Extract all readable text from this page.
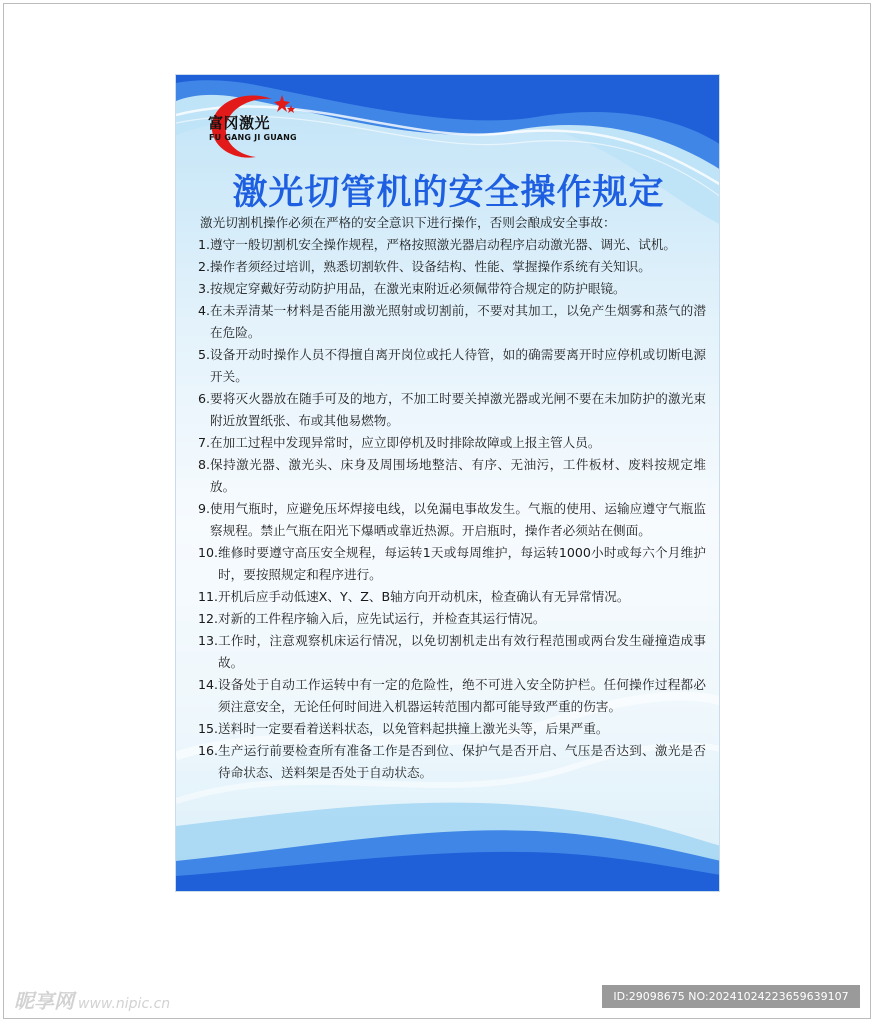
富冈激光
FU GANG JI GUANG
激光切管机的安全操作规定

激光切割机操作必须在严格的安全意识下进行操作，否则会酿成安全事故：

1. 遵守一般切割机安全操作规程，严格按照激光器启动程序启动激光器、调光、试机。
2. 操作者须经过培训，熟悉切割软件、设备结构、性能、掌握操作系统有关知识。
3. 按规定穿戴好劳动防护用品，在激光束附近必须佩带符合规定的防护眼镜。
4. 在未弄清某一材料是否能用激光照射或切割前，不要对其加工，以免产生烟雾和蒸气的潜在危险。
5. 设备开动时操作人员不得擅自离开岗位或托人待管，如的确需要离开时应停机或切断电源开关。
6. 要将灭火器放在随手可及的地方，不加工时要关掉激光器或光闸不要在未加防护的激光束附近放置纸张、布或其他易燃物。
7. 在加工过程中发现异常时，应立即停机及时排除故障或上报主管人员。
8. 保持激光器、激光头、床身及周围场地整洁、有序、无油污，工件板材、废料按规定堆放。
9. 使用气瓶时，应避免压坏焊接电线，以免漏电事故发生。气瓶的使用、运输应遵守气瓶监察规程。禁止气瓶在阳光下爆晒或靠近热源。开启瓶时，操作者必须站在侧面。
10. 维修时要遵守高压安全规程，每运转1天或每周维护，每运转1000小时或每六个月维护时，要按照规定和程序进行。
11. 开机后应手动低速X、Y、Z、B轴方向开动机床，检查确认有无异常情况。
12. 对新的工件程序输入后，应先试运行，并检查其运行情况。
13. 工作时，注意观察机床运行情况，以免切割机走出有效行程范围或两台发生碰撞造成事故。
14. 设备处于自动工作运转中有一定的危险性，绝不可进入安全防护栏。任何操作过程都必须注意安全，无论任何时间进入机器运转范围内都可能导致严重的伤害。
15. 送料时一定要看着送料状态，以免管料起拱撞上激光头等，后果严重。
16. 生产运行前要检查所有准备工作是否到位、保护气是否开启、气压是否达到、激光是否待命状态、送料架是否处于自动状态。
昵享网 www.nipic.cn	ID:29098675 NO:20241024223659639107
